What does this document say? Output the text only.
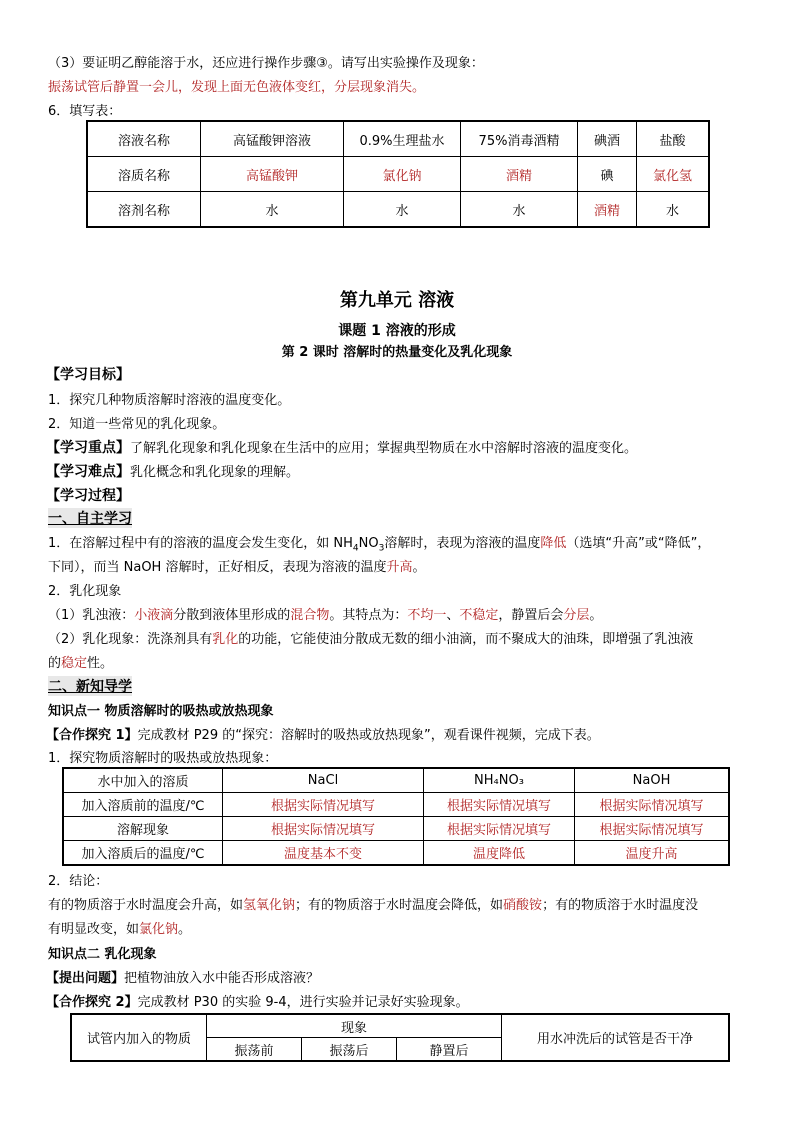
（3）要证明乙醇能溶于水，还应进行操作步骤③。请写出实验操作及现象：
振荡试管后静置一会儿，发现上面无色液体变红，分层现象消失。
6．填写表：
溶液名称	高锰酸钾溶液	0.9%生理盐水	75%消毒酒精	碘酒	盐酸
溶质名称	高锰酸钾	氯化钠	酒精	碘	氯化氢
溶剂名称	水	水	水	酒精	水
第九单元 溶液
课题 1 溶液的形成
第 2 课时 溶解时的热量变化及乳化现象
【学习目标】
1．探究几种物质溶解时溶液的温度变化。
2．知道一些常见的乳化现象。
【学习重点】了解乳化现象和乳化现象在生活中的应用；掌握典型物质在水中溶解时溶液的温度变化。
【学习难点】乳化概念和乳化现象的理解。
【学习过程】
一、自主学习
1．在溶解过程中有的溶液的温度会发生变化，如 $NH_4NO_3$溶解时，表现为溶液的温度降低（选填“升高”或“降低”，
下同），而当 NaOH 溶解时，正好相反，表现为溶液的温度升高。
2．乳化现象
（1）乳浊液：小液滴分散到液体里形成的混合物。其特点为：不均一、不稳定，静置后会分层。
（2）乳化现象：洗涤剂具有乳化的功能，它能使油分散成无数的细小油滴，而不聚成大的油珠，即增强了乳浊液
的稳定性。
二、新知导学
知识点一 物质溶解时的吸热或放热现象
【合作探究 1】完成教材 P29 的“探究：溶解时的吸热或放热现象”，观看课件视频，完成下表。
1．探究物质溶解时的吸热或放热现象：
水中加入的溶质	NaCl	NH₄NO₃	NaOH
加入溶质前的温度/℃	根据实际情况填写	根据实际情况填写	根据实际情况填写
溶解现象	根据实际情况填写	根据实际情况填写	根据实际情况填写
加入溶质后的温度/℃	温度基本不变	温度降低	温度升高
2．结论：
有的物质溶于水时温度会升高，如氢氧化钠；有的物质溶于水时温度会降低，如硝酸铵；有的物质溶于水时温度没
有明显改变，如氯化钠。
知识点二 乳化现象
【提出问题】把植物油放入水中能否形成溶液？
【合作探究 2】完成教材 P30 的实验 9-4，进行实验并记录好实验现象。
试管内加入的物质	现象			用水冲洗后的试管是否干净
	振荡前	振荡后	静置后	
